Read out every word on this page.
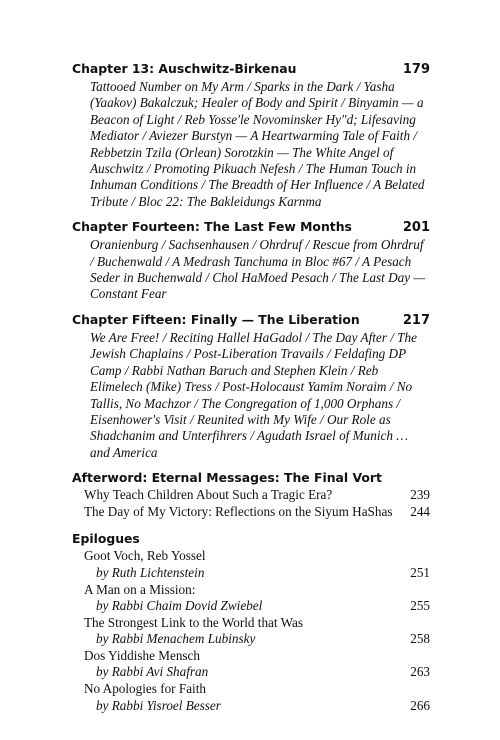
Chapter 13: Auschwitz-Birkenau	179
Tattooed Number on My Arm / Sparks in the Dark / Yasha (Yaakov) Bakalczuk; Healer of Body and Spirit / Binyamin — a Beacon of Light / Reb Yosse'le Novominsker Hy"d; Lifesaving Mediator / Aviezer Burstyn — A Heartwarming Tale of Faith / Rebbetzin Tzila (Orlean) Sorotzkin — The White Angel of Auschwitz / Promoting Pikuach Nefesh / The Human Touch in Inhuman Conditions / The Breadth of Her Influence / A Belated Tribute / Bloc 22: The Bakleidungs Karnma
Chapter Fourteen: The Last Few Months	201
Oranienburg / Sachsenhausen / Ohrdruf / Rescue from Ohrdruf / Buchenwald / A Medrash Tanchuma in Bloc #67 / A Pesach Seder in Buchenwald / Chol HaMoed Pesach / The Last Day — Constant Fear
Chapter Fifteen: Finally — The Liberation	217
We Are Free! / Reciting Hallel HaGadol / The Day After / The Jewish Chaplains / Post-Liberation Travails / Feldafing DP Camp / Rabbi Nathan Baruch and Stephen Klein / Reb Elimelech (Mike) Tress / Post-Holocaust Yamim Noraim / No Tallis, No Machzor / The Congregation of 1,000 Orphans / Eisenhower's Visit / Reunited with My Wife / Our Role as Shadchanim and Unterfihrers / Agudath Israel of Munich … and America
Afterword: Eternal Messages: The Final Vort
Why Teach Children About Such a Tragic Era?	239
The Day of My Victory: Reflections on the Siyum HaShas 244
Epilogues
Goot Voch, Reb Yossel
by Ruth Lichtenstein	251
A Man on a Mission:
by Rabbi Chaim Dovid Zwiebel	255
The Strongest Link to the World that Was
by Rabbi Menachem Lubinsky	258
Dos Yiddishe Mensch
by Rabbi Avi Shafran	263
No Apologies for Faith
by Rabbi Yisroel Besser	266
